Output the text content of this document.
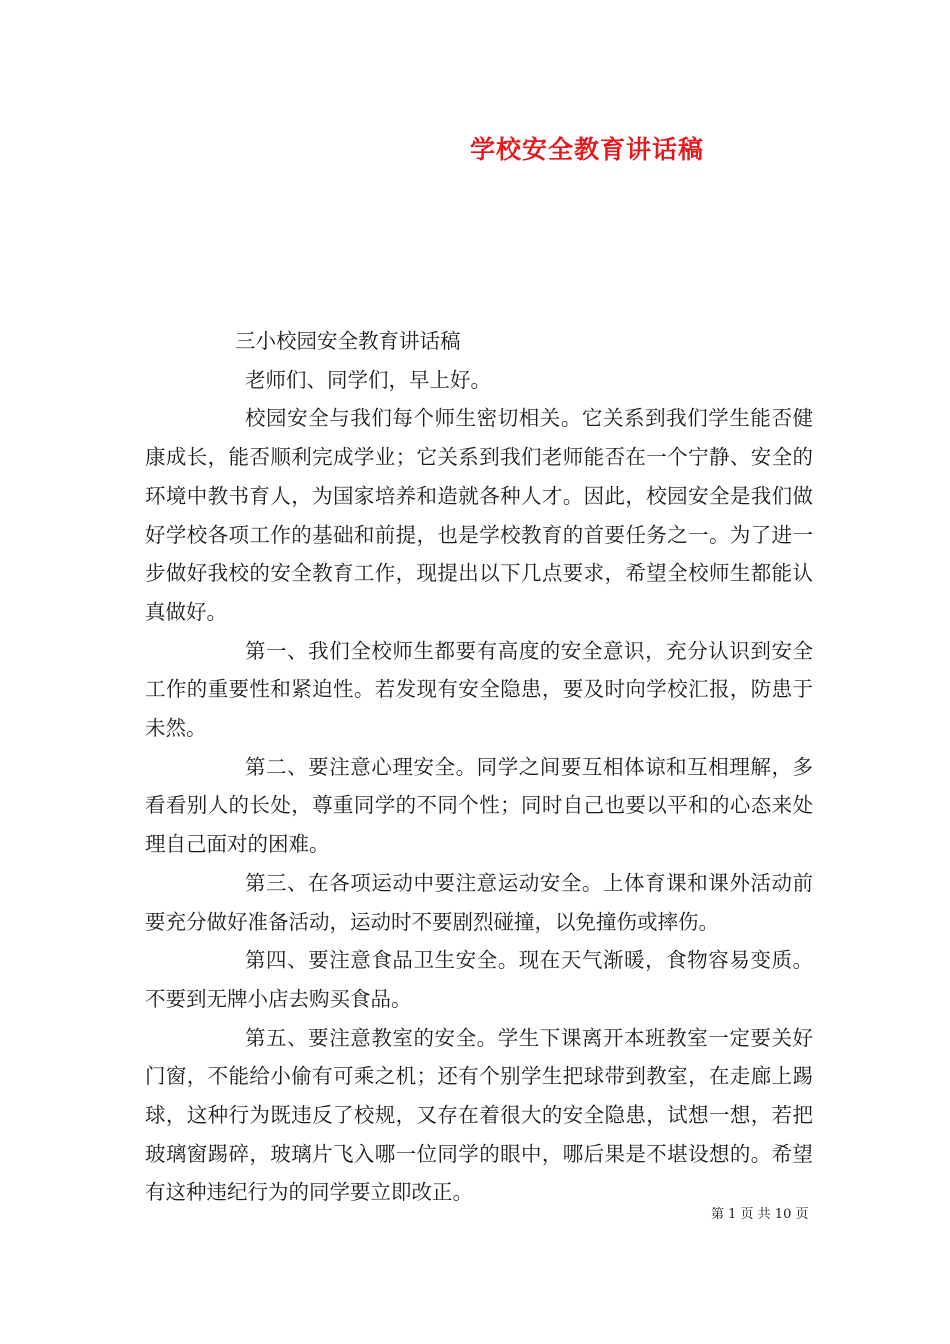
学校安全教育讲话稿

三小校园安全教育讲话稿

老师们、同学们，早上好。

校园安全与我们每个师生密切相关。它关系到我们学生能否健康成长，能否顺利完成学业；它关系到我们老师能否在一个宁静、安全的环境中教书育人，为国家培养和造就各种人才。因此，校园安全是我们做好学校各项工作的基础和前提，也是学校教育的首要任务之一。为了进一步做好我校的安全教育工作，现提出以下几点要求，希望全校师生都能认真做好。

第一、我们全校师生都要有高度的安全意识，充分认识到安全工作的重要性和紧迫性。若发现有安全隐患，要及时向学校汇报，防患于未然。

第二、要注意心理安全。同学之间要互相体谅和互相理解，多看看别人的长处，尊重同学的不同个性；同时自己也要以平和的心态来处理自己面对的困难。

第三、在各项运动中要注意运动安全。上体育课和课外活动前要充分做好准备活动，运动时不要剧烈碰撞，以免撞伤或摔伤。

第四、要注意食品卫生安全。现在天气渐暖，食物容易变质。不要到无牌小店去购买食品。

第五、要注意教室的安全。学生下课离开本班教室一定要关好门窗，不能给小偷有可乘之机；还有个别学生把球带到教室，在走廊上踢球，这种行为既违反了校规，又存在着很大的安全隐患，试想一想，若把玻璃窗踢碎，玻璃片飞入哪一位同学的眼中，哪后果是不堪设想的。希望有这种违纪行为的同学要立即改正。

第 1 页 共 10 页
